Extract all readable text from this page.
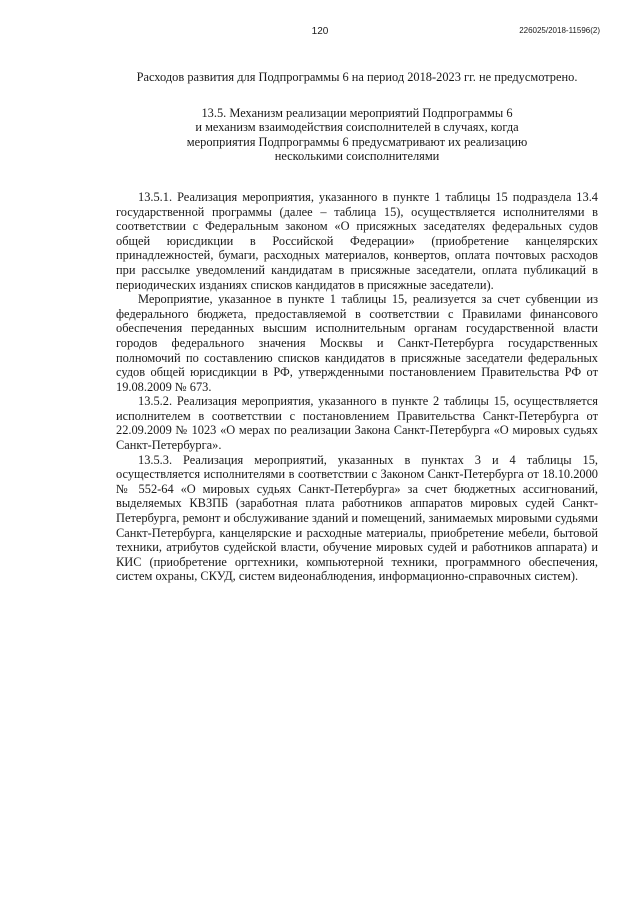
120	226025/2018-11596(2)

Расходов развития для Подпрограммы 6 на период 2018-2023 гг. не предусмотрено.

13.5. Механизм реализации мероприятий Подпрограммы 6
и механизм взаимодействия соисполнителей в случаях, когда
мероприятия Подпрограммы 6 предусматривают их реализацию
несколькими соисполнителями

13.5.1. Реализация мероприятия, указанного в пункте 1 таблицы 15 подраздела 13.4 государственной программы (далее – таблица 15), осуществляется исполнителями в соответствии с Федеральным законом «О присяжных заседателях федеральных судов общей юрисдикции в Российской Федерации» (приобретение канцелярских принадлежностей, бумаги, расходных материалов, конвертов, оплата почтовых расходов при рассылке уведомлений кандидатам в присяжные заседатели, оплата публикаций в периодических изданиях списков кандидатов в присяжные заседатели).

Мероприятие, указанное в пункте 1 таблицы 15, реализуется за счет субвенции из федерального бюджета, предоставляемой в соответствии с Правилами финансового обеспечения переданных высшим исполнительным органам государственной власти городов федерального значения Москвы и Санкт-Петербурга государственных полномочий по составлению списков кандидатов в присяжные заседатели федеральных судов общей юрисдикции в РФ, утвержденными постановлением Правительства РФ от 19.08.2009 № 673.

13.5.2. Реализация мероприятия, указанного в пункте 2 таблицы 15, осуществляется исполнителем в соответствии с постановлением Правительства Санкт-Петербурга от 22.09.2009 № 1023 «О мерах по реализации Закона Санкт-Петербурга «О мировых судьях Санкт-Петербурга».

13.5.3. Реализация мероприятий, указанных в пунктах 3 и 4 таблицы 15, осуществляется исполнителями в соответствии с Законом Санкт-Петербурга от 18.10.2000 № 552-64 «О мировых судьях Санкт-Петербурга» за счет бюджетных ассигнований, выделяемых КВЗПБ (заработная плата работников аппаратов мировых судей Санкт-Петербурга, ремонт и обслуживание зданий и помещений, занимаемых мировыми судьями Санкт-Петербурга, канцелярские и расходные материалы, приобретение мебели, бытовой техники, атрибутов судейской власти, обучение мировых судей и работников аппарата) и КИС (приобретение оргтехники, компьютерной техники, программного обеспечения, систем охраны, СКУД, систем видеонаблюдения, информационно-справочных систем).
